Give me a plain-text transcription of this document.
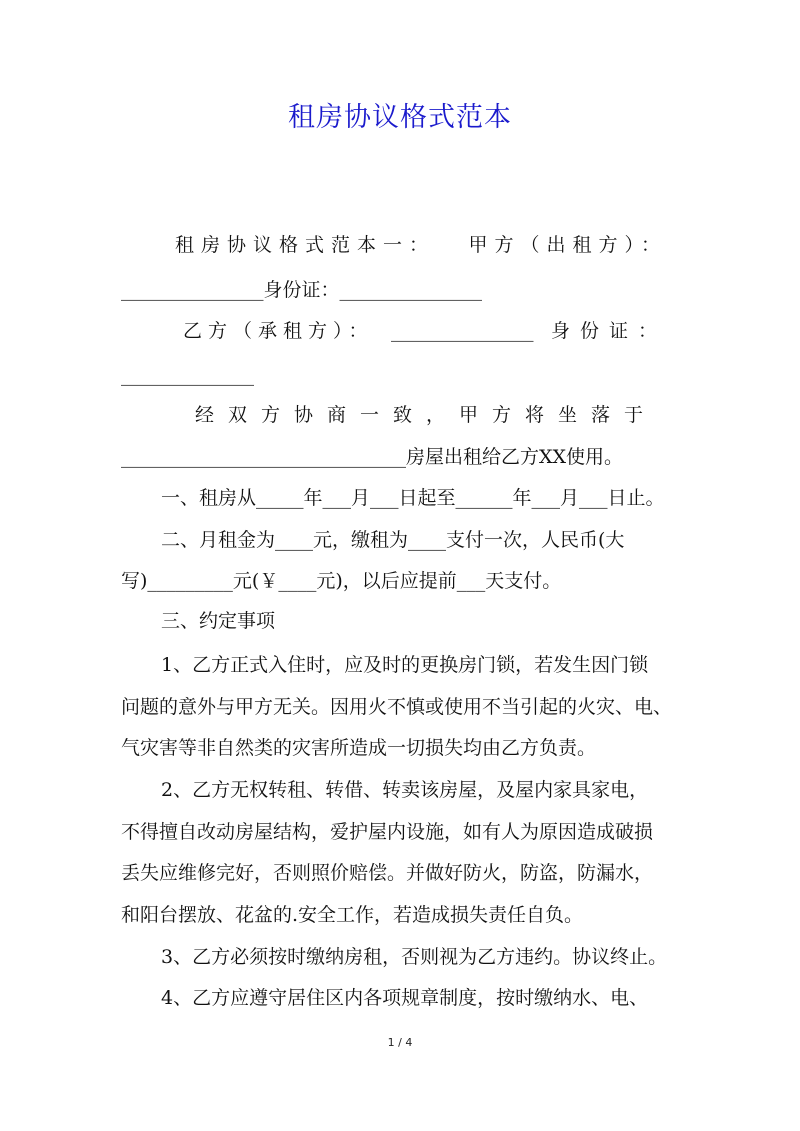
租房协议格式范本
租房协议格式范本一： 甲方（出租方）：
_______________身份证：_______________
乙方（承租方）： _______________ 身份证：
______________
经双方协商一致，甲方将坐落于
______________________________房屋出租给乙方XX使用。
一、租房从_____年___月___日起至______年___月___日止。
二、月租金为____元，缴租为____支付一次，人民币(大
写)_________元(￥____元)，以后应提前___天支付。
三、约定事项
1、乙方正式入住时，应及时的更换房门锁，若发生因门锁
问题的意外与甲方无关。因用火不慎或使用不当引起的火灾、电、
气灾害等非自然类的灾害所造成一切损失均由乙方负责。
2、乙方无权转租、转借、转卖该房屋，及屋内家具家电，
不得擅自改动房屋结构，爱护屋内设施，如有人为原因造成破损
丢失应维修完好，否则照价赔偿。并做好防火，防盗，防漏水，
和阳台摆放、花盆的.安全工作，若造成损失责任自负。
3、乙方必须按时缴纳房租，否则视为乙方违约。协议终止。
4、乙方应遵守居住区内各项规章制度，按时缴纳水、电、
1 / 4
